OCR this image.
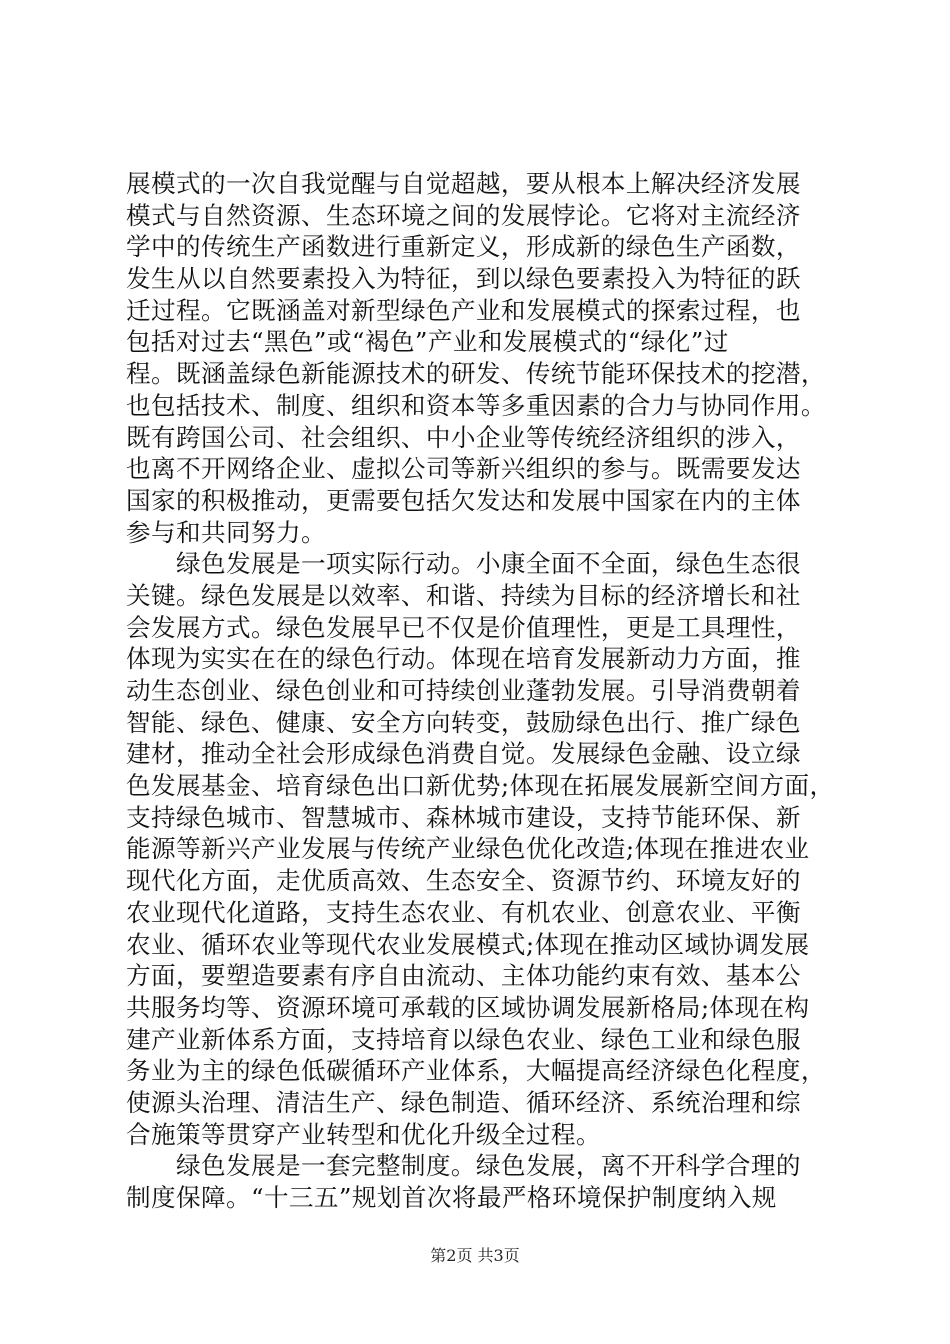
展模式的一次自我觉醒与自觉超越，要从根本上解决经济发展
模式与自然资源、生态环境之间的发展悖论。它将对主流经济
学中的传统生产函数进行重新定义，形成新的绿色生产函数，
发生从以自然要素投入为特征，到以绿色要素投入为特征的跃
迁过程。它既涵盖对新型绿色产业和发展模式的探索过程，也
包括对过去“黑色”或“褐色”产业和发展模式的“绿化”过
程。既涵盖绿色新能源技术的研发、传统节能环保技术的挖潜，
也包括技术、制度、组织和资本等多重因素的合力与协同作用。
既有跨国公司、社会组织、中小企业等传统经济组织的涉入，
也离不开网络企业、虚拟公司等新兴组织的参与。既需要发达
国家的积极推动，更需要包括欠发达和发展中国家在内的主体
参与和共同努力。
　　绿色发展是一项实际行动。小康全面不全面，绿色生态很
关键。绿色发展是以效率、和谐、持续为目标的经济增长和社
会发展方式。绿色发展早已不仅是价值理性，更是工具理性，
体现为实实在在的绿色行动。体现在培育发展新动力方面，推
动生态创业、绿色创业和可持续创业蓬勃发展。引导消费朝着
智能、绿色、健康、安全方向转变，鼓励绿色出行、推广绿色
建材，推动全社会形成绿色消费自觉。发展绿色金融、设立绿
色发展基金、培育绿色出口新优势;体现在拓展发展新空间方面，
支持绿色城市、智慧城市、森林城市建设，支持节能环保、新
能源等新兴产业发展与传统产业绿色优化改造;体现在推进农业
现代化方面，走优质高效、生态安全、资源节约、环境友好的
农业现代化道路，支持生态农业、有机农业、创意农业、平衡
农业、循环农业等现代农业发展模式;体现在推动区域协调发展
方面，要塑造要素有序自由流动、主体功能约束有效、基本公
共服务均等、资源环境可承载的区域协调发展新格局;体现在构
建产业新体系方面，支持培育以绿色农业、绿色工业和绿色服
务业为主的绿色低碳循环产业体系，大幅提高经济绿色化程度，
使源头治理、清洁生产、绿色制造、循环经济、系统治理和综
合施策等贯穿产业转型和优化升级全过程。
　　绿色发展是一套完整制度。绿色发展，离不开科学合理的
制度保障。“十三五”规划首次将最严格环境保护制度纳入规
第2页 共3页
